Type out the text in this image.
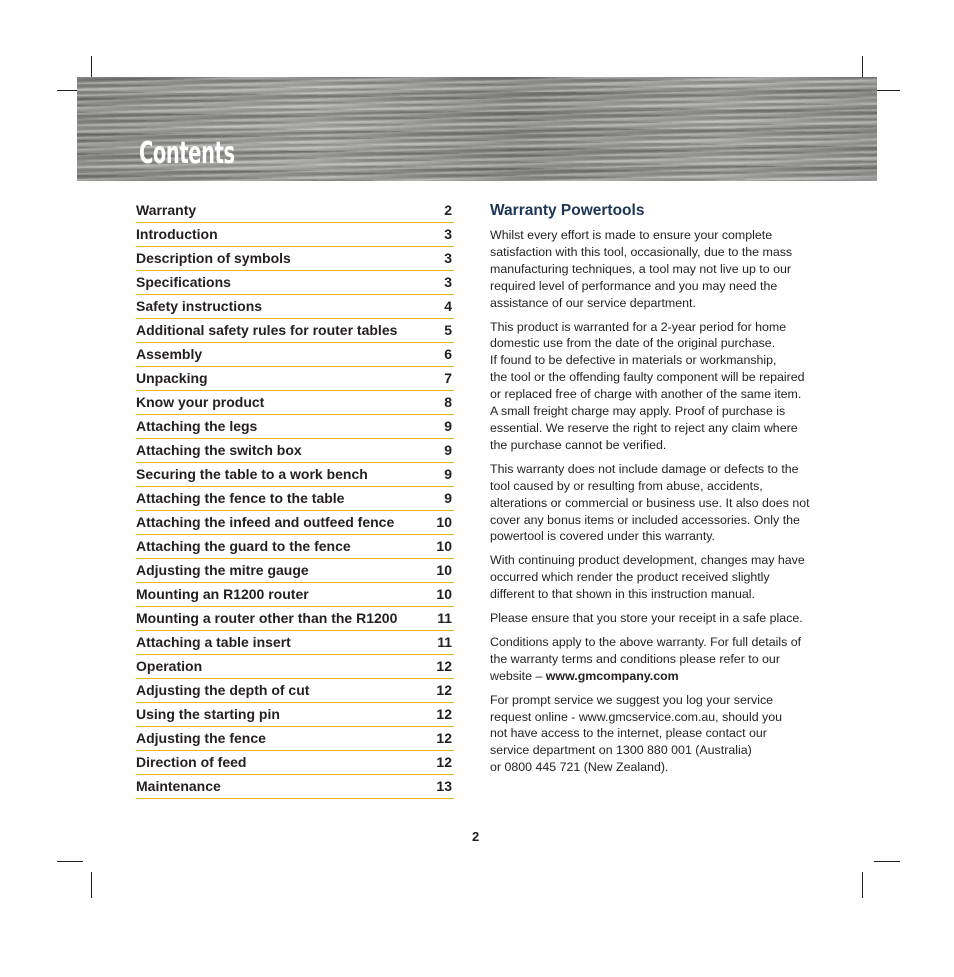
Contents
Warranty	2
Introduction	3
Description of symbols	3
Specifications	3
Safety instructions	4
Additional safety rules for router tables	5
Assembly	6
Unpacking	7
Know your product	8
Attaching the legs	9
Attaching the switch box	9
Securing the table to a work bench	9
Attaching the fence to the table	9
Attaching the infeed and outfeed fence	10
Attaching the guard to the fence	10
Adjusting the mitre gauge	10
Mounting an R1200 router	10
Mounting a router other than the R1200	11
Attaching a table insert	11
Operation	12
Adjusting the depth of cut	12
Using the starting pin	12
Adjusting the fence	12
Direction of feed	12
Maintenance	13
Warranty Powertools

Whilst every effort is made to ensure your complete
satisfaction with this tool, occasionally, due to the mass
manufacturing techniques, a tool may not live up to our
required level of performance and you may need the
assistance of our service department.

This product is warranted for a 2-year period for home
domestic use from the date of the original purchase.
If found to be defective in materials or workmanship,
the tool or the offending faulty component will be repaired
or replaced free of charge with another of the same item.
A small freight charge may apply. Proof of purchase is
essential. We reserve the right to reject any claim where
the purchase cannot be verified.

This warranty does not include damage or defects to the
tool caused by or resulting from abuse, accidents,
alterations or commercial or business use. It also does not
cover any bonus items or included accessories. Only the
powertool is covered under this warranty.

With continuing product development, changes may have
occurred which render the product received slightly
different to that shown in this instruction manual.

Please ensure that you store your receipt in a safe place.

Conditions apply to the above warranty. For full details of
the warranty terms and conditions please refer to our
website – www.gmcompany.com

For prompt service we suggest you log your service
request online - www.gmcservice.com.au, should you
not have access to the internet, please contact our
service department on 1300 880 001 (Australia)
or 0800 445 721 (New Zealand).

2
